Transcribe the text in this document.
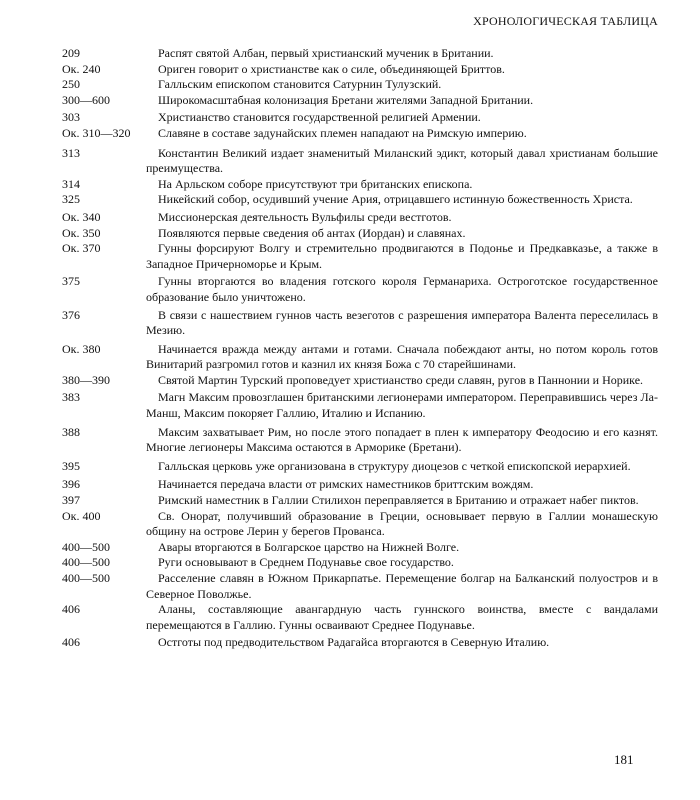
ХРОНОЛОГИЧЕСКАЯ ТАБЛИЦА
209	Распят святой Албан, первый христианский мученик в Британии.
Ок. 240	Ориген говорит о христианстве как о силе, объединяющей Бриттов.
250	Галльским епископом становится Сатурнин Тулузский.
300—600	Широкомасштабная колонизация Бретани жителями Западной Британии.
303	Христианство становится государственной религией Армении.
Ок. 310—320	Славяне в составе задунайских племен нападают на Римскую империю.
313	Константин Великий издает знаменитый Миланский эдикт, который давал христианам большие преимущества.
314	На Арльском соборе присутствуют три британских епископа.
325	Никейский собор, осудивший учение Ария, отрицавшего истинную божественность Христа.
Ок. 340	Миссионерская деятельность Вульфилы среди вестготов.
Ок. 350	Появляются первые сведения об антах (Иордан) и славянах.
Ок. 370	Гунны форсируют Волгу и стремительно продвигаются в Подонье и Предкавказье, а также в Западное Причерноморье и Крым.
375	Гунны вторгаются во владения готского короля Германариха. Остроготское государственное образование было уничтожено.
376	В связи с нашествием гуннов часть везеготов с разрешения императора Валента переселилась в Мезию.
Ок. 380	Начинается вражда между антами и готами. Сначала побеждают анты, но потом король готов Винитарий разгромил готов и казнил их князя Божа с 70 старейшинами.
380—390	Святой Мартин Турский проповедует христианство среди славян, ругов в Паннонии и Норике.
383	Магн Максим провозглашен британскими легионерами императором. Переправившись через Ла-Манш, Максим покоряет Галлию, Италию и Испанию.
388	Максим захватывает Рим, но после этого попадает в плен к императору Феодосию и его казнят. Многие легионеры Максима остаются в Арморике (Бретани).
395	Галльская церковь уже организована в структуру диоцезов с четкой епископской иерархией.
396	Начинается передача власти от римских наместников бриттским вождям.
397	Римский наместник в Галлии Стилихон переправляется в Британию и отражает набег пиктов.
Ок. 400	Св. Онорат, получивший образование в Греции, основывает первую в Галлии монашескую общину на острове Лерин у берегов Прованса.
400—500	Авары вторгаются в Болгарское царство на Нижней Волге.
400—500	Руги основывают в Среднем Подунавье свое государство.
400—500	Расселение славян в Южном Прикарпатье. Перемещение болгар на Балканский полуостров и в Северное Поволжье.
406	Аланы, составляющие авангардную часть гуннского воинства, вместе с вандалами перемещаются в Галлию. Гунны осваивают Среднее Подунавье.
406	Остготы под предводительством Радагайса вторгаются в Северную Италию.
181
